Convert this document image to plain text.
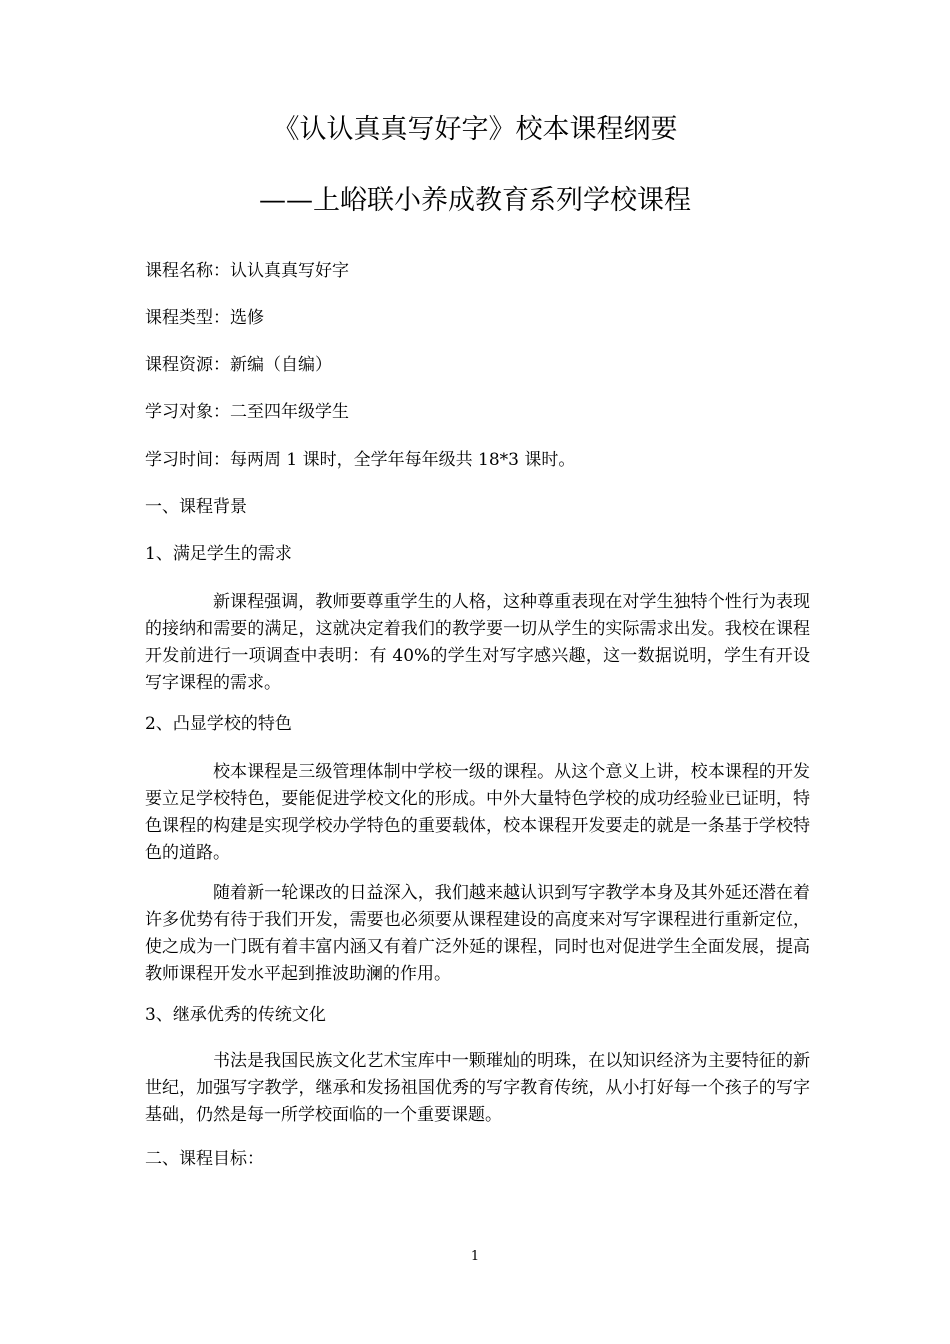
《认认真真写好字》校本课程纲要
——上峪联小养成教育系列学校课程

课程名称：认认真真写好字

课程类型：选修

课程资源：新编（自编）

学习对象：二至四年级学生

学习时间：每两周 1 课时，全学年每年级共 18*3 课时。

一、课程背景

1、满足学生的需求

新课程强调，教师要尊重学生的人格，这种尊重表现在对学生独特个性行为表现的接纳和需要的满足，这就决定着我们的教学要一切从学生的实际需求出发。我校在课程开发前进行一项调查中表明：有 40%的学生对写字感兴趣，这一数据说明，学生有开设写字课程的需求。

2、凸显学校的特色

校本课程是三级管理体制中学校一级的课程。从这个意义上讲，校本课程的开发要立足学校特色，要能促进学校文化的形成。中外大量特色学校的成功经验业已证明，特色课程的构建是实现学校办学特色的重要载体，校本课程开发要走的就是一条基于学校特色的道路。

随着新一轮课改的日益深入，我们越来越认识到写字教学本身及其外延还潜在着许多优势有待于我们开发，需要也必须要从课程建设的高度来对写字课程进行重新定位，使之成为一门既有着丰富内涵又有着广泛外延的课程，同时也对促进学生全面发展，提高教师课程开发水平起到推波助澜的作用。

3、继承优秀的传统文化

书法是我国民族文化艺术宝库中一颗璀灿的明珠，在以知识经济为主要特征的新世纪，加强写字教学，继承和发扬祖国优秀的写字教育传统，从小打好每一个孩子的写字基础，仍然是每一所学校面临的一个重要课题。

二、课程目标：

1
